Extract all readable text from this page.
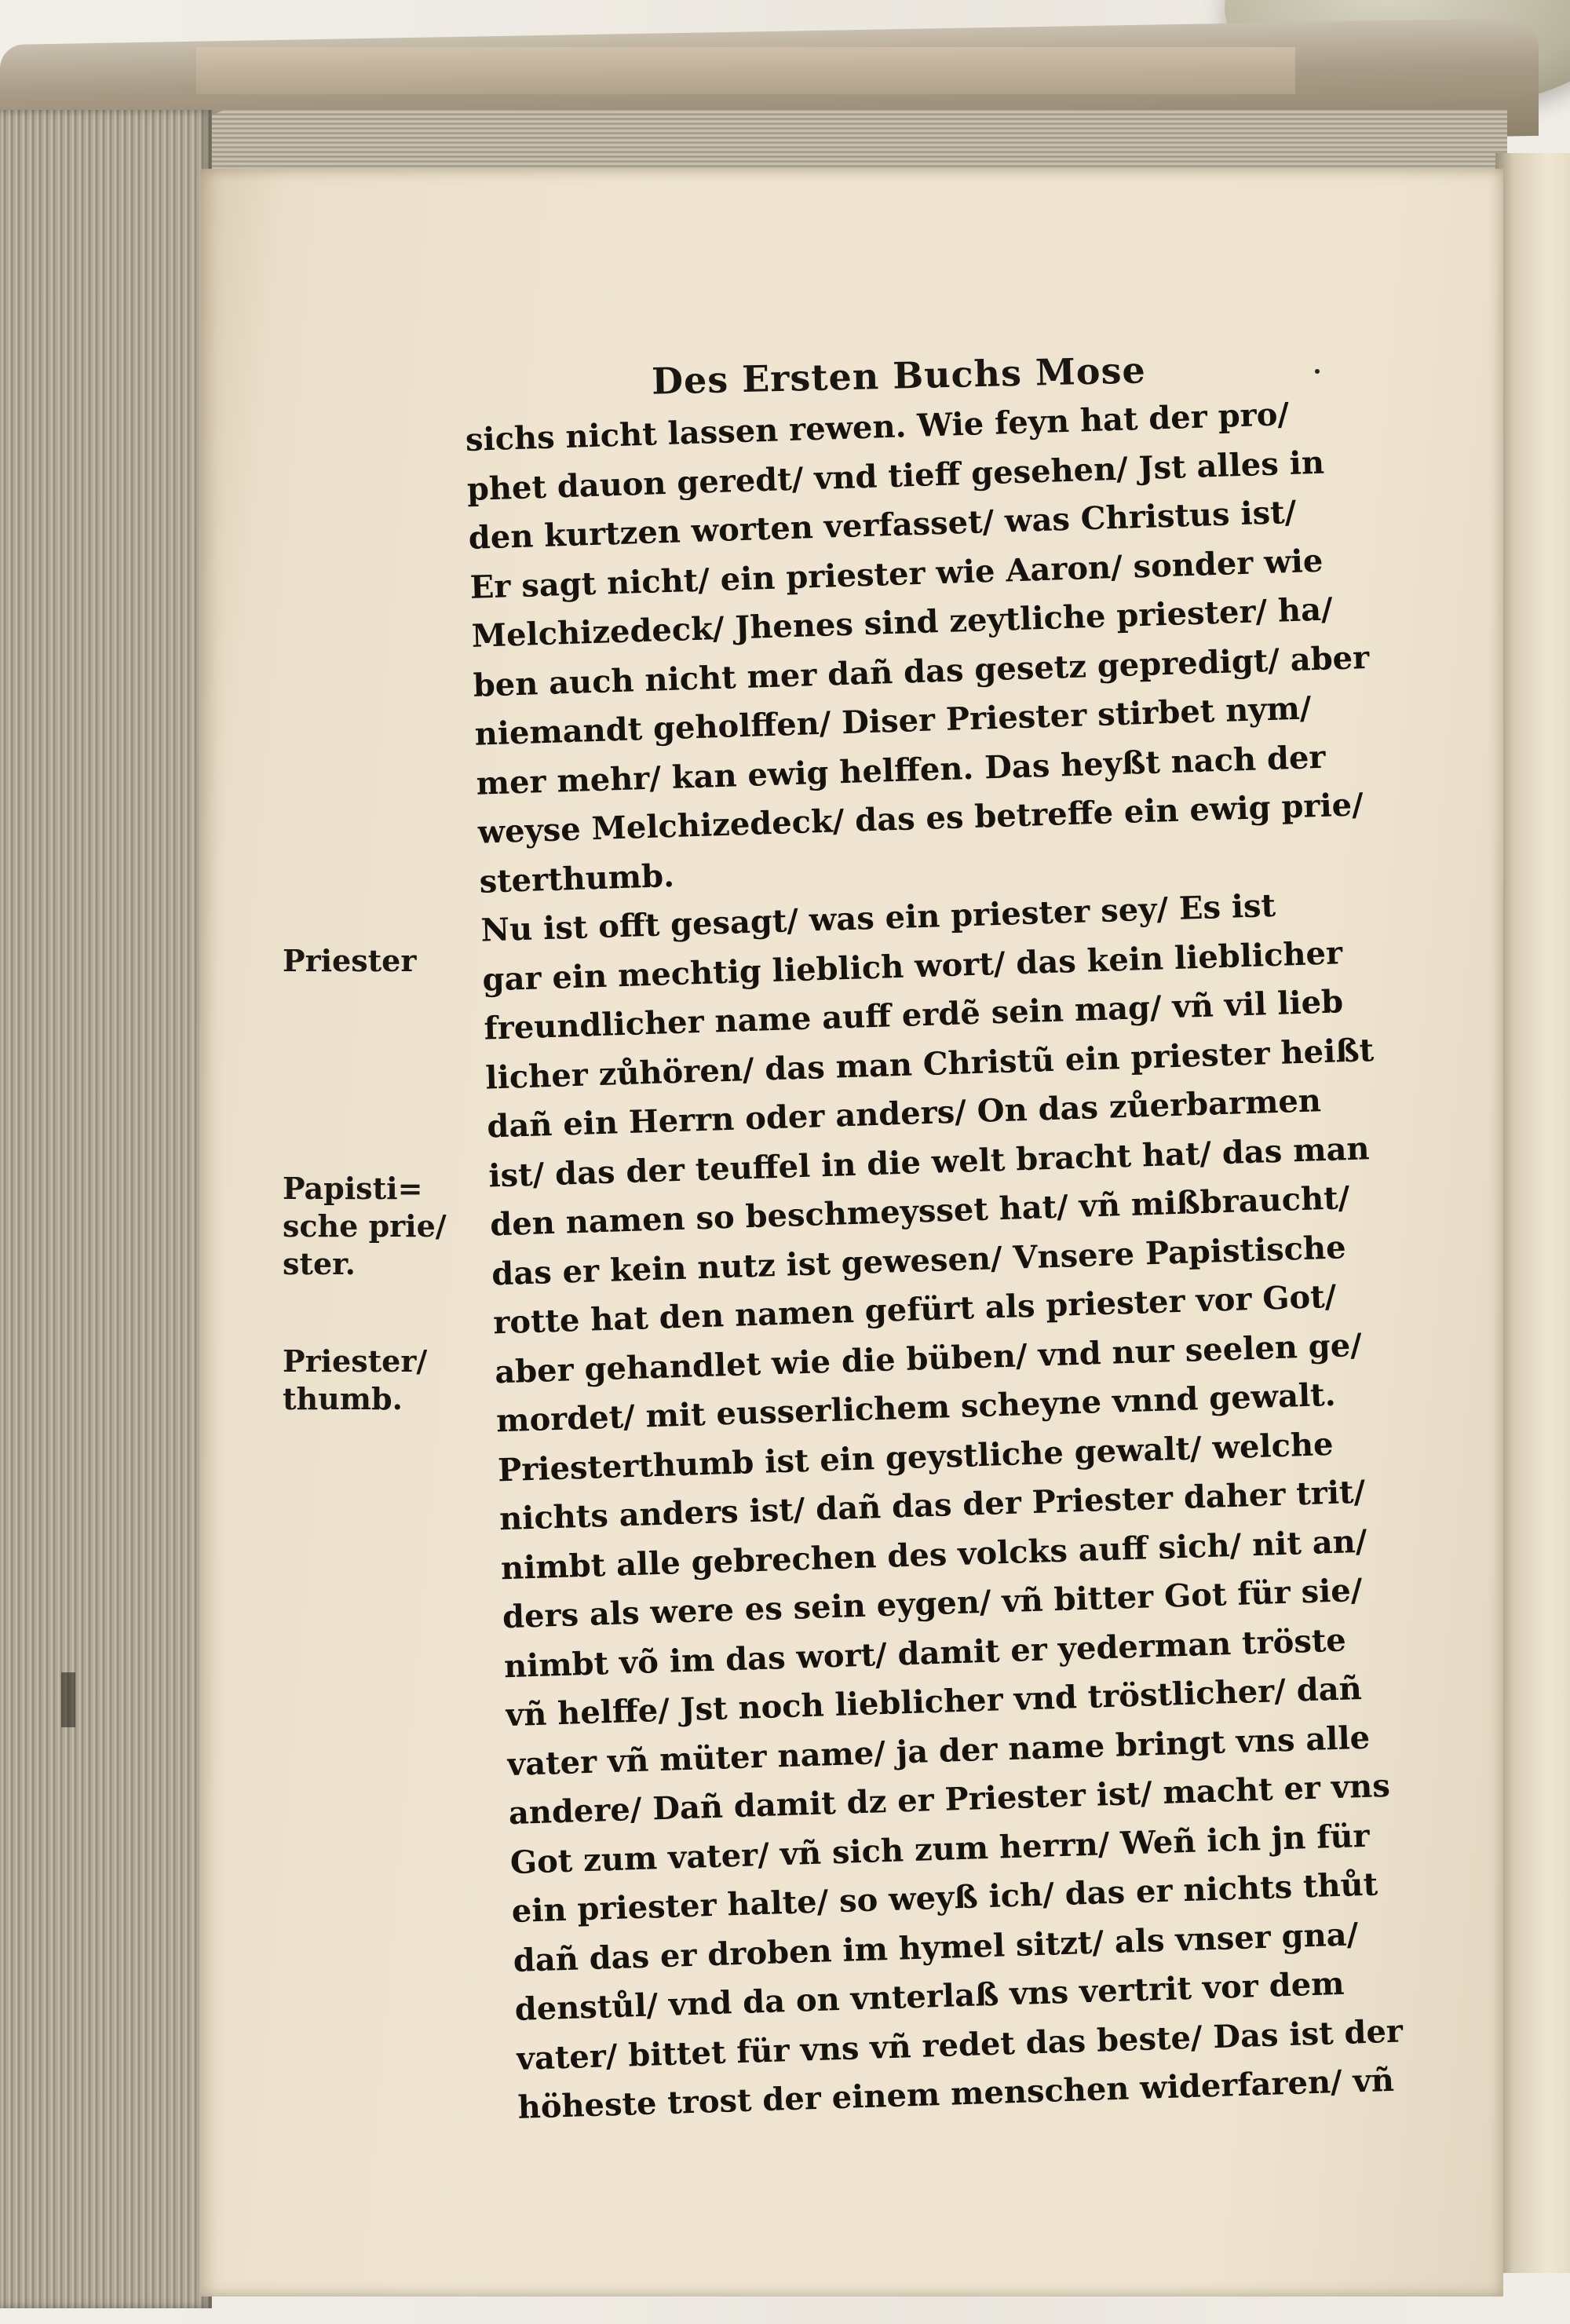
Des Ersten Buchs Mose
sichs nicht lassen rewen. Wie feyn hat der pro/
phet dauon geredt/ vnd tieff gesehen/ Jst alles in
den kurtzen worten verfasset/ was Christus ist/
Er sagt nicht/ ein priester wie Aaron/ sonder wie
Melchizedeck/ Jhenes sind zeytliche priester/ ha/
ben auch nicht mer dañ das gesetz gepredigt/ aber
niemandt geholffen/ Diser Priester stirbet nym/
mer mehr/ kan ewig helffen. Das heyßt nach der
weyse Melchizedeck/ das es betreffe ein ewig prie/
sterthumb.
Nu ist offt gesagt/ was ein priester sey/ Es ist
gar ein mechtig lieblich wort/ das kein lieblicher
freundlicher name auff erdẽ sein mag/ vñ vil lieb
licher zůhören/ das man Christũ ein priester heißt
dañ ein Herrn oder anders/ On das zůerbarmen
ist/ das der teuffel in die welt bracht hat/ das man
den namen so beschmeysset hat/ vñ mißbraucht/
das er kein nutz ist gewesen/ Vnsere Papistische
rotte hat den namen gefürt als priester vor Got/
aber gehandlet wie die büben/ vnd nur seelen ge/
mordet/ mit eusserlichem scheyne vnnd gewalt.
Priesterthumb ist ein geystliche gewalt/ welche
nichts anders ist/ dañ das der Priester daher trit/
nimbt alle gebrechen des volcks auff sich/ nit an/
ders als were es sein eygen/ vñ bitter Got für sie/
nimbt võ im das wort/ damit er yederman tröste
vñ helffe/ Jst noch lieblicher vnd tröstlicher/ dañ
vater vñ müter name/ ja der name bringt vns alle
andere/ Dañ damit dz er Priester ist/ macht er vns
Got zum vater/ vñ sich zum herrn/ Weñ ich jn für
ein priester halte/ so weyß ich/ das er nichts thůt
dañ das er droben im hymel sitzt/ als vnser gna/
denstůl/ vnd da on vnterlaß vns vertrit vor dem
vater/ bittet für vns vñ redet das beste/ Das ist der
höheste trost der einem menschen widerfaren/ vñ
Priester
Papisti=
sche prie/
ster.
Priester/
thumb.
